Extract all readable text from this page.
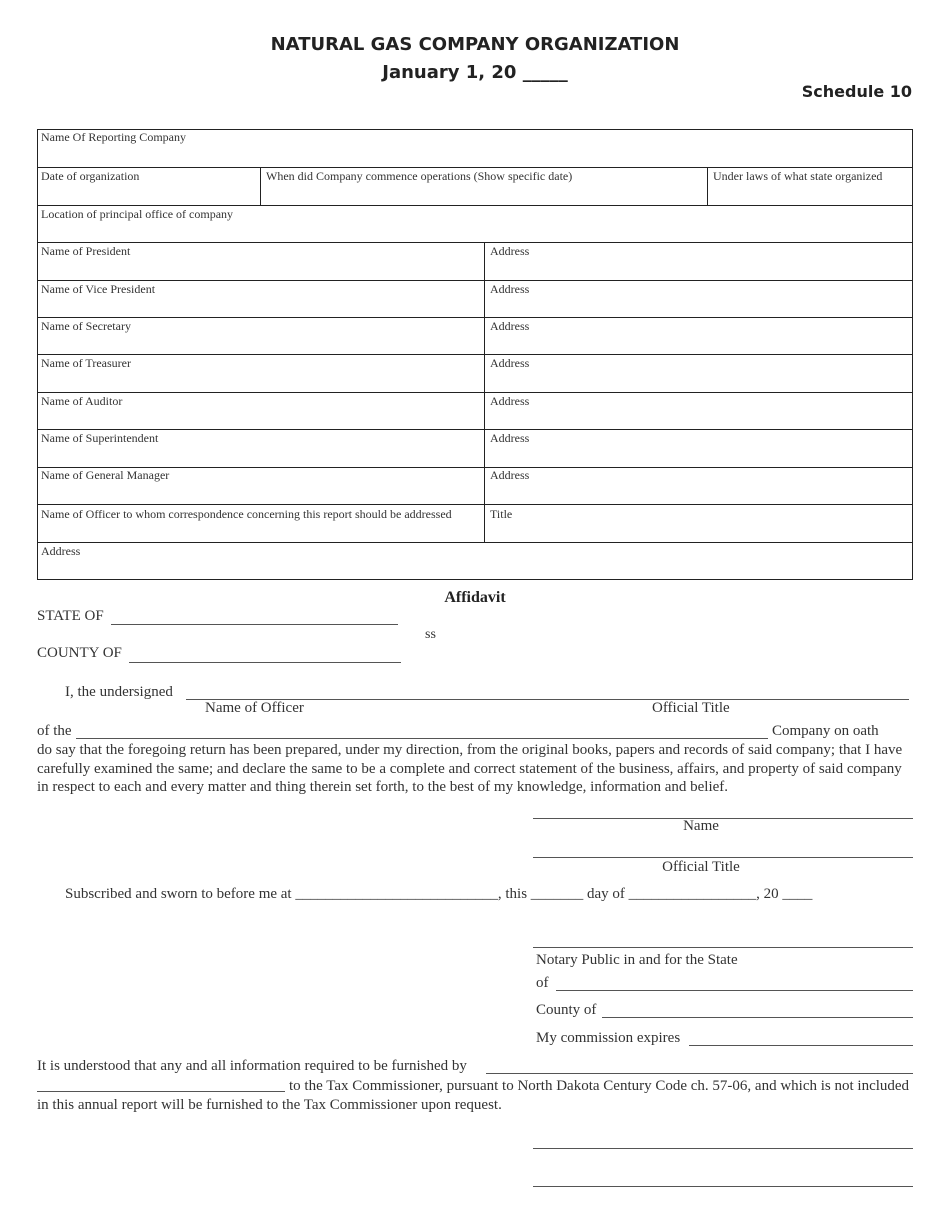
NATURAL GAS COMPANY ORGANIZATION
January 1, 20 _____
Schedule 10
Name Of Reporting Company
Date of organization	When did Company commence operations (Show specific date)	Under laws of what state organized
Location of principal office of company
Name of President	Address
Name of Vice President	Address
Name of Secretary	Address
Name of Treasurer	Address
Name of Auditor	Address
Name of Superintendent	Address
Name of General Manager	Address
Name of Officer to whom correspondence concerning this report should be addressed	Title
Address
Affidavit
STATE OF
ss
COUNTY OF
I, the undersigned
Name of Officer	Official Title
of the	Company on oath
do say that the foregoing return has been prepared, under my direction, from the original books, papers and records of said company; that I have carefully examined the same; and declare the same to be a complete and correct statement of the business, affairs, and property of said company in respect to each and every matter and thing therein set forth, to the best of my knowledge, information and belief.
Name
Official Title
Subscribed and sworn to before me at ___________________________, this _______ day of _________________, 20 ____
Notary Public in and for the State
of
County of
My commission expires
It is understood that any and all information required to be furnished by
to the Tax Commissioner, pursuant to North Dakota Century Code ch. 57-06, and which is not included in this annual report will be furnished to the Tax Commissioner upon request.
